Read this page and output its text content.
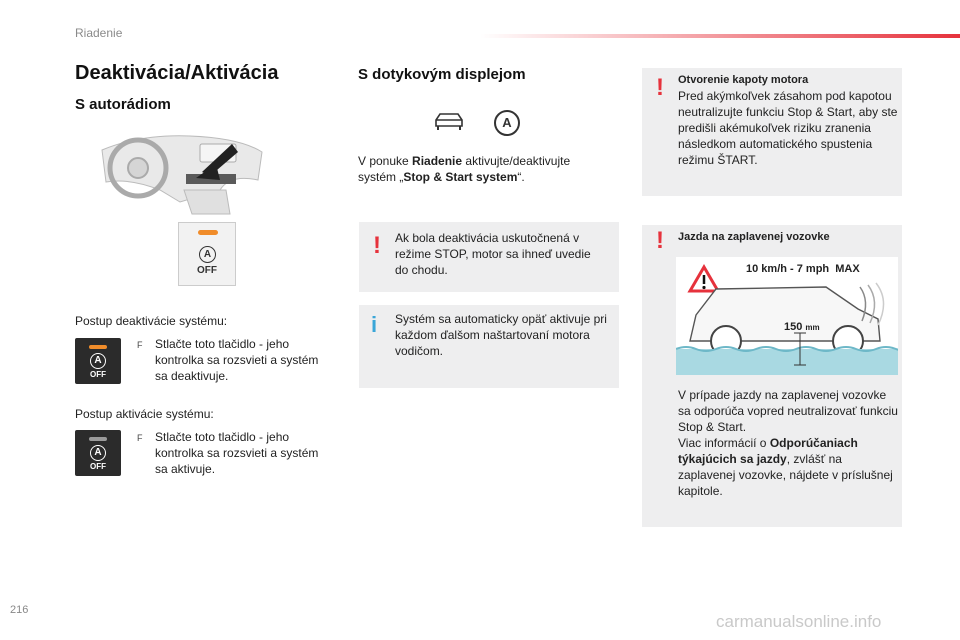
Riadenie
Deaktivácia/Aktivácia
S autorádiom
A
OFF
Postup deaktivácie systému:
A
OFF
F Stlačte toto tlačidlo - jeho kontrolka sa rozsvieti a systém sa deaktivuje.
Postup aktivácie systému:
A
OFF
F Stlačte toto tlačidlo - jeho kontrolka sa rozsvieti a systém sa aktivuje.
S dotykovým displejom
A
V ponuke Riadenie aktivujte/deaktivujte systém „Stop & Start system“.
! Ak bola deaktivácia uskutočnená v režime STOP, motor sa ihneď uvedie do chodu.
i Systém sa automaticky opäť aktivuje pri každom ďalšom naštartovaní motora vodičom.
! Otvorenie kapoty motora
Pred akýmkoľvek zásahom pod kapotou neutralizujte funkciu Stop & Start, aby ste predišli akémukoľvek riziku zranenia následkom automatického spustenia režimu ŠTART.
! Jazda na zaplavenej vozovke
10 km/h - 7 mph  MAX
150 mm
V prípade jazdy na zaplavenej vozovke sa odporúča vopred neutralizovať funkciu Stop & Start.
Viac informácií o Odporúčaniach týkajúcich sa jazdy, zvlášť na zaplavenej vozovke, nájdete v príslušnej kapitole.
216
carmanualsonline.info
